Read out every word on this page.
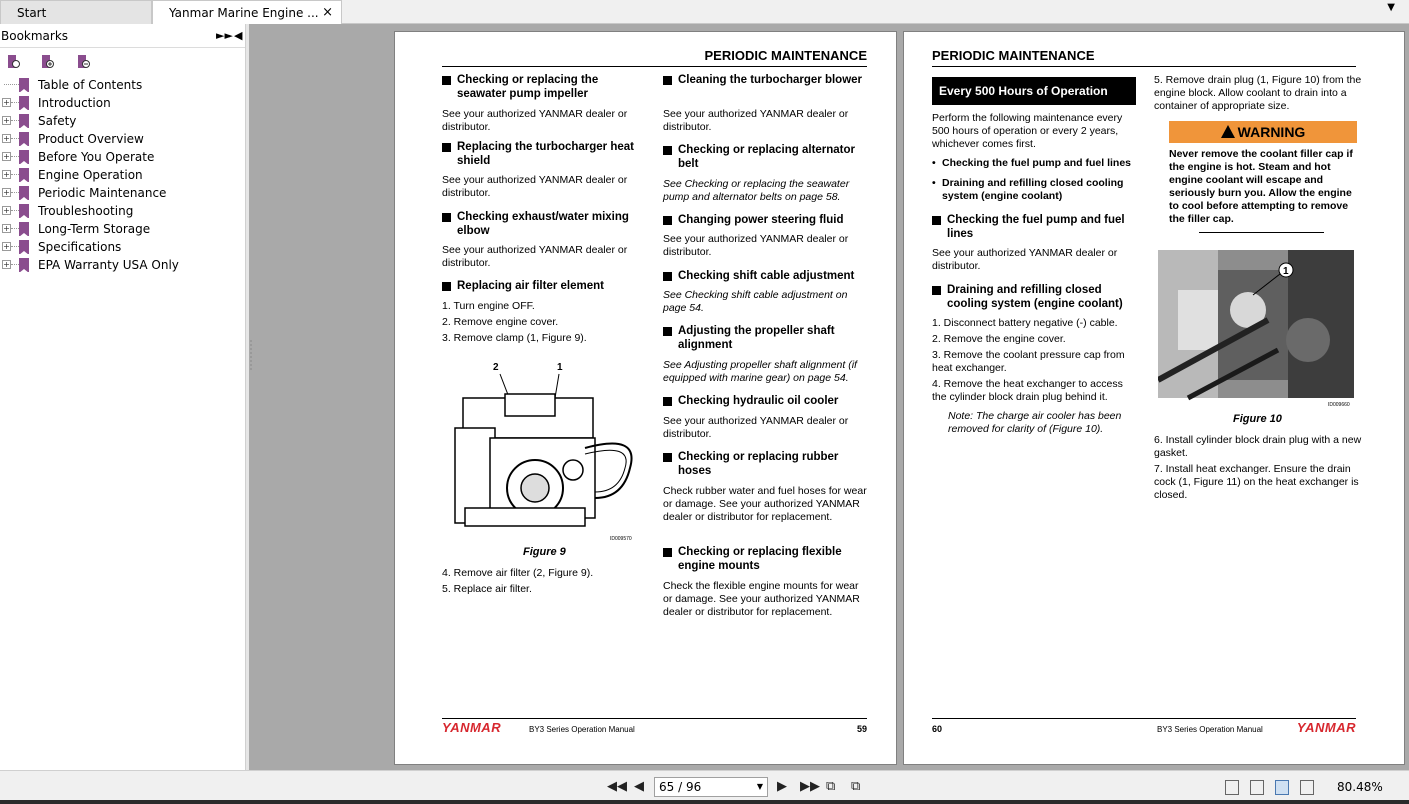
Start	Yanmar Marine Engine ... ×	▼
Bookmarks	►► ◀
Table of Contents
+ Introduction
+ Safety
+ Product Overview
+ Before You Operate
+ Engine Operation
+ Periodic Maintenance
+ Troubleshooting
+ Long-Term Storage
+ Specifications
+ EPA Warranty USA Only
PERIODIC MAINTENANCE
Checking or replacing the seawater pump impeller
See your authorized YANMAR dealer or distributor.
Replacing the turbocharger heat shield
See your authorized YANMAR dealer or distributor.
Checking exhaust/water mixing elbow
See your authorized YANMAR dealer or distributor.
Replacing air filter element
1. Turn engine OFF.
2. Remove engine cover.
3. Remove clamp (1, Figure 9).
2	1
ID009570
Figure 9
4. Remove air filter (2, Figure 9).
5. Replace air filter.
Cleaning the turbocharger blower
See your authorized YANMAR dealer or distributor.
Checking or replacing alternator belt
See Checking or replacing the seawater pump and alternator belts on page 58.
Changing power steering fluid
See your authorized YANMAR dealer or distributor.
Checking shift cable adjustment
See Checking shift cable adjustment on page 54.
Adjusting the propeller shaft alignment
See Adjusting propeller shaft alignment (if equipped with marine gear) on page 54.
Checking hydraulic oil cooler
See your authorized YANMAR dealer or distributor.
Checking or replacing rubber hoses
Check rubber water and fuel hoses for wear or damage. See your authorized YANMAR dealer or distributor for replacement.
Checking or replacing flexible engine mounts
Check the flexible engine mounts for wear or damage. See your authorized YANMAR dealer or distributor for replacement.
YANMAR	BY3 Series Operation Manual	59
PERIODIC MAINTENANCE
Every 500 Hours of Operation
Perform the following maintenance every 500 hours of operation or every 2 years, whichever comes first.
• Checking the fuel pump and fuel lines
• Draining and refilling closed cooling system (engine coolant)
Checking the fuel pump and fuel lines
See your authorized YANMAR dealer or distributor.
Draining and refilling closed cooling system (engine coolant)
1. Disconnect battery negative (-) cable.
2. Remove the engine cover.
3. Remove the coolant pressure cap from heat exchanger.
4. Remove the heat exchanger to access the cylinder block drain plug behind it.
Note: The charge air cooler has been removed for clarity of (Figure 10).
5. Remove drain plug (1, Figure 10) from the engine block. Allow coolant to drain into a container of appropriate size.
WARNING
Never remove the coolant filler cap if the engine is hot. Steam and hot engine coolant will escape and seriously burn you. Allow the engine to cool before attempting to remove the filler cap.
1
ID009660
Figure 10
6. Install cylinder block drain plug with a new gasket.
7. Install heat exchanger. Ensure the drain cock (1, Figure 11) on the heat exchanger is closed.
60	BY3 Series Operation Manual	YANMAR
◀◀ ◀	65 / 96	▼ ▶ ▶▶ ⧉ ⧉	80.48%
